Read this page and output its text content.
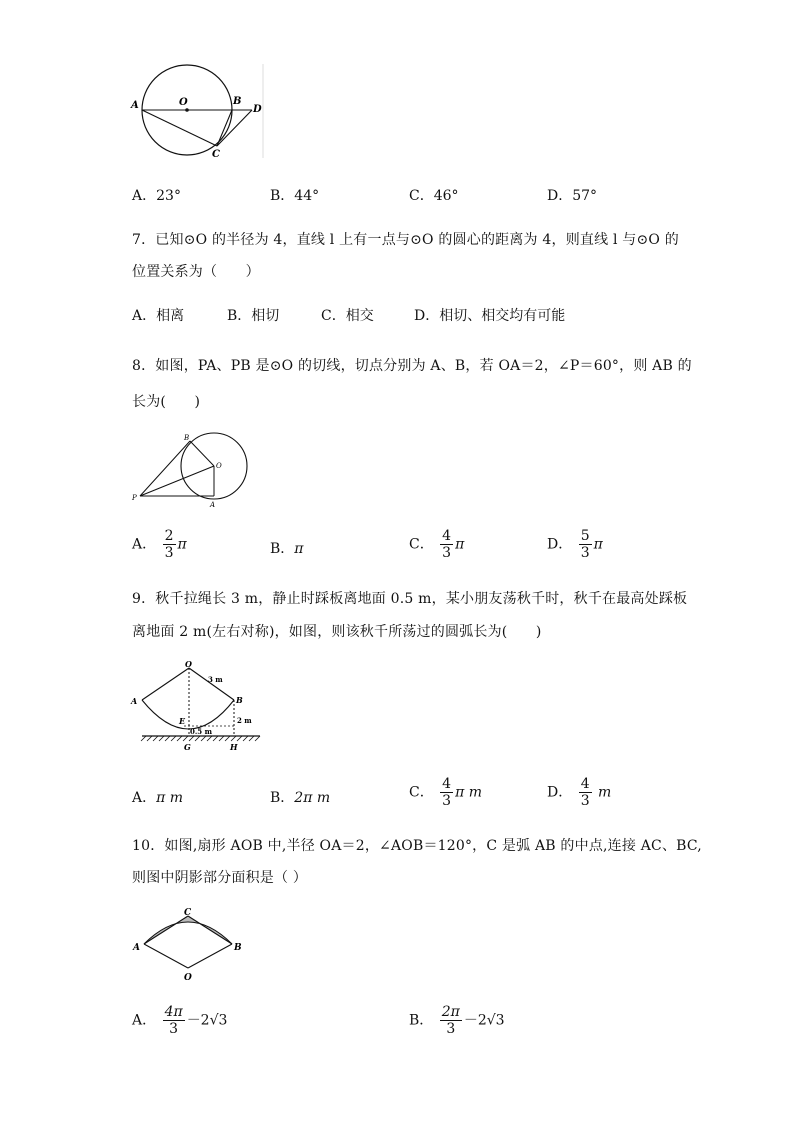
A	O	B
D
C
A．23°	B．44°	C．46°	D．57°
7．已知⊙O 的半径为 4，直线 l 上有一点与⊙O 的圆心的距离为 4，则直线 l 与⊙O 的
位置关系为（　　）
A．相离	B．相切	C．相交	D．相切、相交均有可能
8．如图，PA、PB 是⊙O 的切线，切点分别为 A、B，若 OA＝2，∠P＝60°，则 AB 的
长为(　　)
B
O
P
A
A． $\frac{2}{3}$ π	B．π	C． $\frac{4}{3}$ π	D． $\frac{5}{3}$ π
9．秋千拉绳长 3 m，静止时踩板离地面 0.5 m，某小朋友荡秋千时，秋千在最高处踩板
离地面 2 m(左右对称)，如图，则该秋千所荡过的圆弧长为(　　)
O
3 m
A	B
2 m
E
0.5 m
G	H
A．π m	B．2π m	C． $\frac{4}{3}$ π m	D． $\frac{4}{3}$ m
10．如图,扇形 AOB 中,半径 OA＝2，∠AOB＝120°，C 是弧 AB 的中点,连接 AC、BC,
则图中阴影部分面积是（ ）
C
A	B
O
A． $\frac{4\pi}{3} -2√3$	B． $\frac{2\pi}{3} -2√3$
